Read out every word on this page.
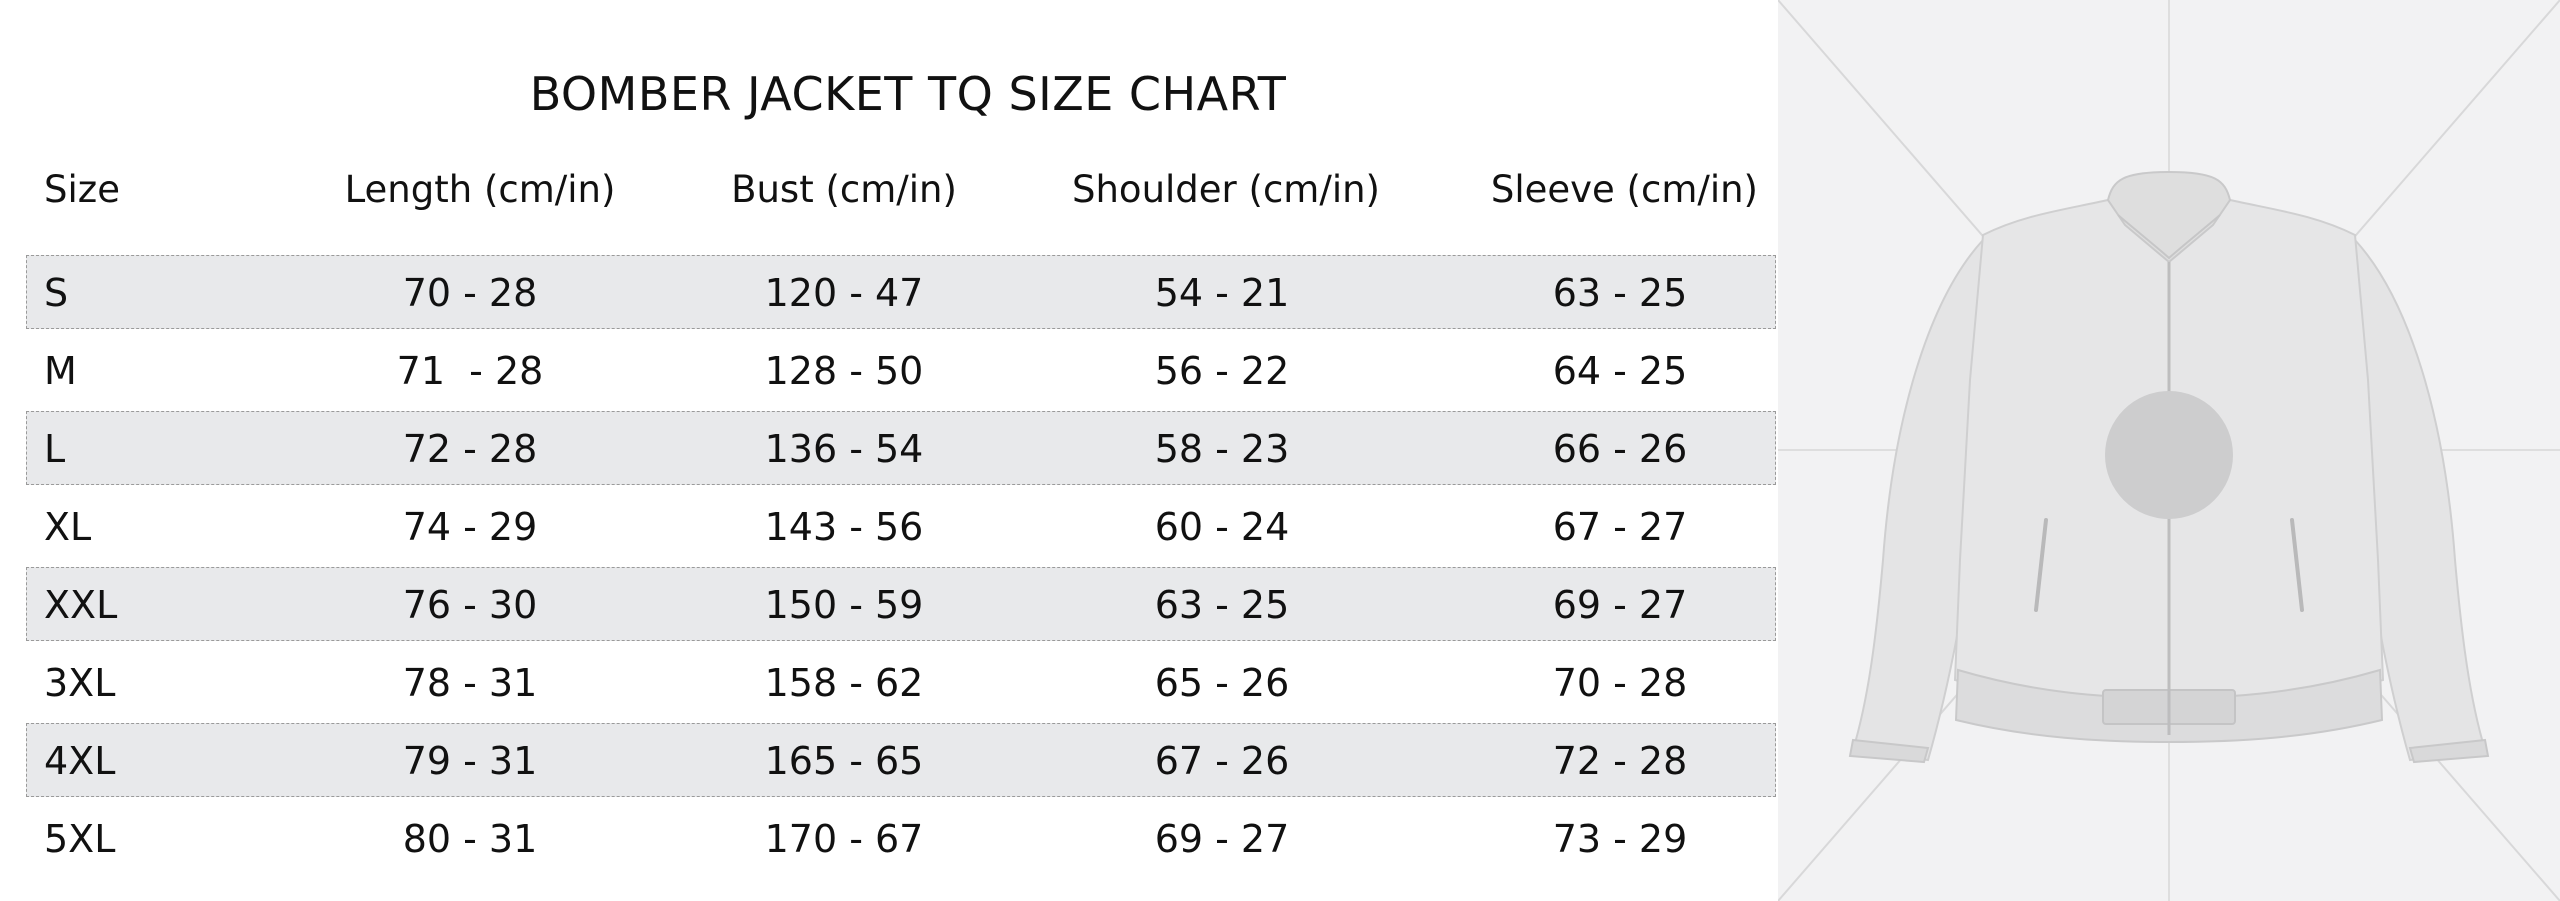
BOMBER JACKET TQ SIZE CHART
Size	Length (cm/in)	Bust (cm/in)	Shoulder (cm/in)	Sleeve (cm/in)
S	70 - 28	120 - 47	54 - 21	63 - 25
M	71  - 28	128 - 50	56 - 22	64 - 25
L	72 - 28	136 - 54	58 - 23	66 - 26
XL	74 - 29	143 - 56	60 - 24	67 - 27
XXL	76 - 30	150 - 59	63 - 25	69 - 27
3XL	78 - 31	158 - 62	65 - 26	70 - 28
4XL	79 - 31	165 - 65	67 - 26	72 - 28
5XL	80 - 31	170 - 67	69 - 27	73 - 29
